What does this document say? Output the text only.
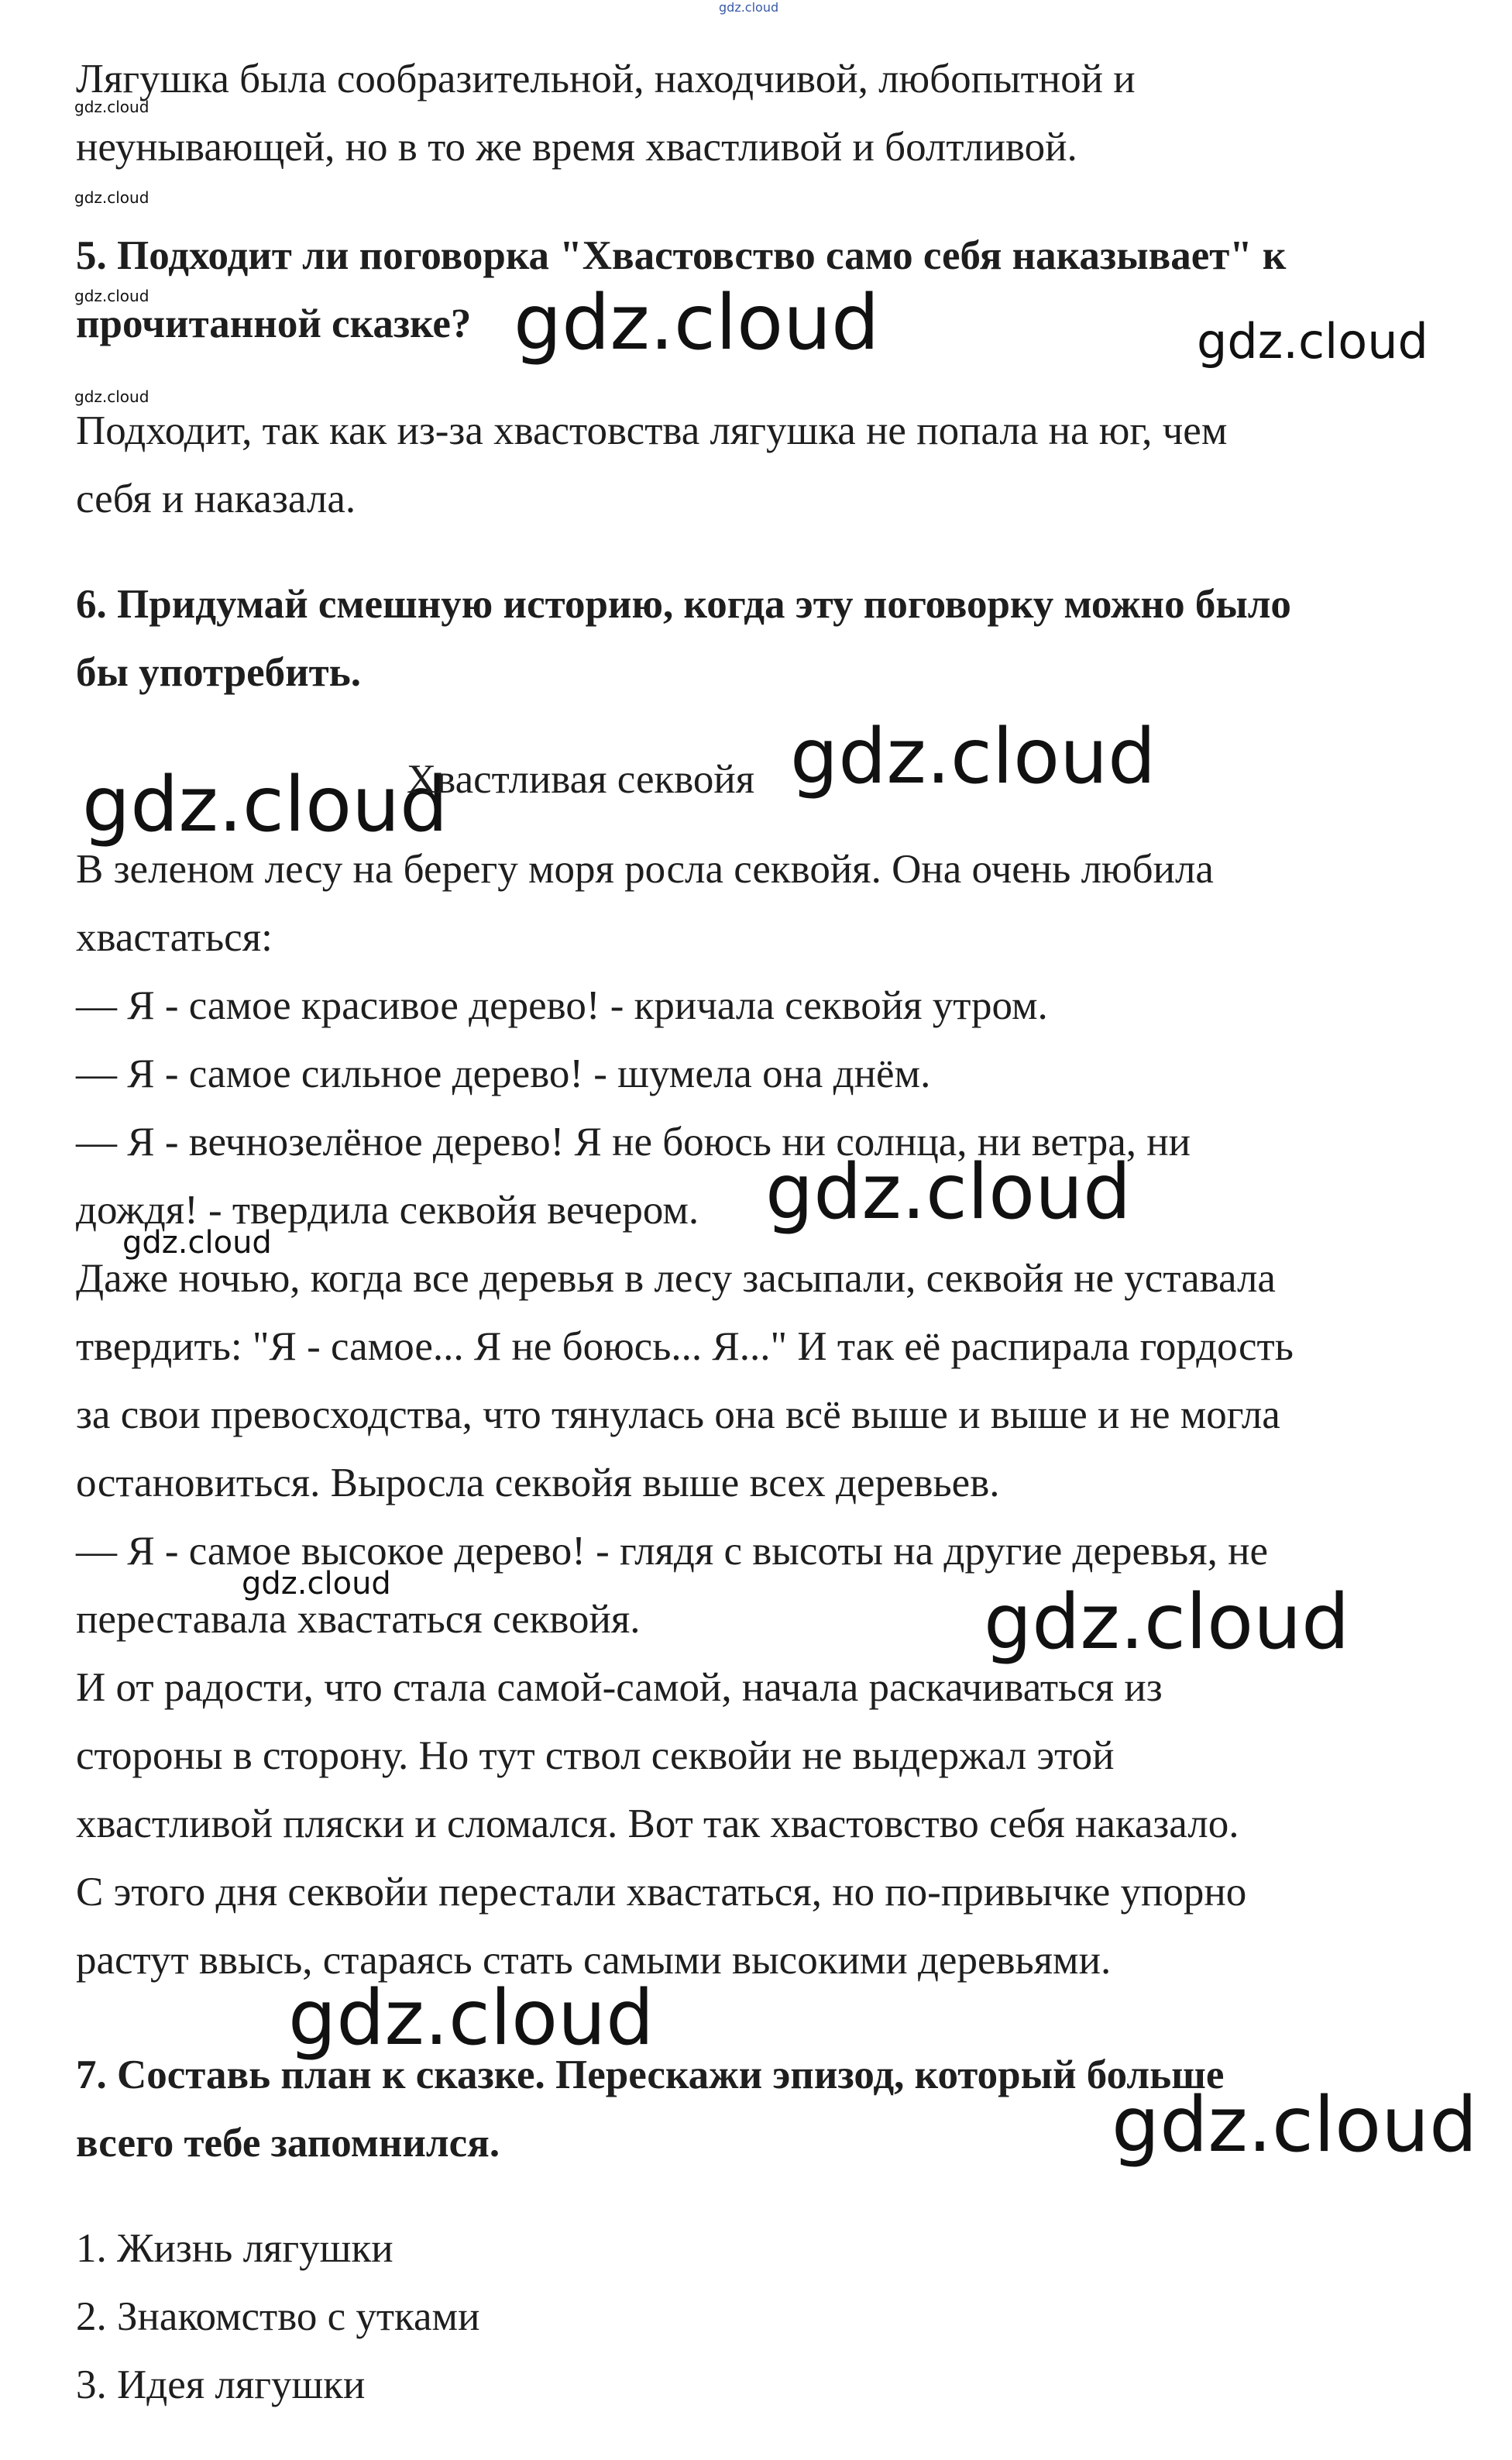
gdz.cloud

Лягушка была сообразительной, находчивой, любопытной и

gdz.cloud

неунывающей, но в то же время хвастливой и болтливой.

gdz.cloud

5. Подходит ли поговорка "Хвастовство само себя наказывает" к

gdz.cloud

прочитанной сказке? gdz.cloud	gdz.cloud
gdz.cloud

Подходит, так как из-за хвастовства лягушка не попала на юг, чем

себя и наказала.

6. Придумай смешную историю, когда эту поговорку можно было

бы употребить.

gdz.cloud
Хвастливая секвойя gdz.cloud

В зеленом лесу на берегу моря росла секвойя. Она очень любила

хвастаться:

— Я - самое красивое дерево! - кричала секвойя утром.

— Я - самое сильное дерево! - шумела она днём.

— Я - вечнозелёное дерево! Я не боюсь ни солнца, ни ветра, ни

дождя! - твердила секвойя вечером. gdz.cloud
gdz.cloud

Даже ночью, когда все деревья в лесу засыпали, секвойя не уставала

твердить: "Я - самое... Я не боюсь... Я..." И так её распирала гордость

за свои превосходства, что тянулась она всё выше и выше и не могла

остановиться. Выросла секвойя выше всех деревьев.

— Я - самое высокое дерево! - глядя с высоты на другие деревья, не

gdz.cloud

переставала хвастаться секвойя.	gdz.cloud

И от радости, что стала самой-самой, начала раскачиваться из

стороны в сторону. Но тут ствол секвойи не выдержал этой

хвастливой пляски и сломался. Вот так хвастовство себя наказало.

С этого дня секвойи перестали хвастаться, но по-привычке упорно

растут ввысь, стараясь стать самыми высокими деревьями.

gdz.cloud

7. Составь план к сказке. Перескажи эпизод, который больше

всего тебе запомнился.	gdz.cloud

1. Жизнь лягушки

2. Знакомство с утками

3. Идея лягушки
